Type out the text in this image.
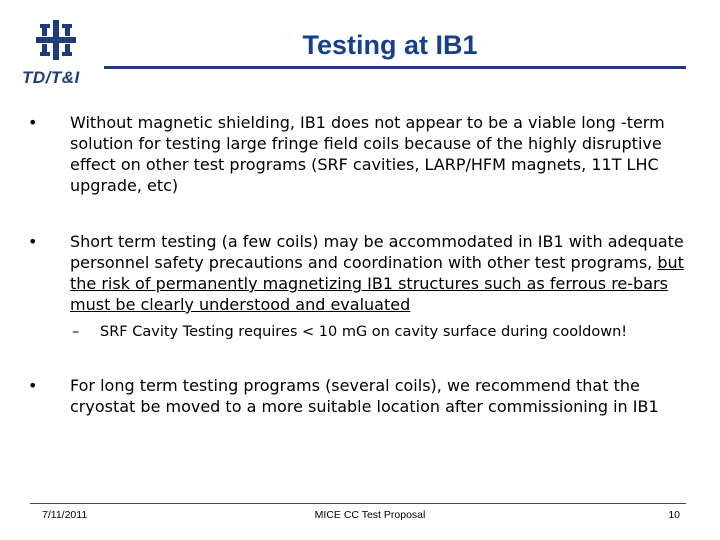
TD/T&I
Testing at IB1

•	Without magnetic shielding, IB1 does not appear to be a viable long -term solution for testing large fringe field coils because of the highly disruptive effect on other test programs (SRF cavities, LARP/HFM magnets, 11T LHC upgrade, etc)

•	Short term testing (a few coils) may be accommodated in IB1 with adequate personnel safety precautions and coordination with other test programs, but the risk of permanently magnetizing IB1 structures such as ferrous re-bars must be clearly understood and evaluated

– SRF Cavity Testing requires < 10 mG on cavity surface during cooldown!

•	For long term testing programs (several coils), we recommend that the cryostat be moved to a more suitable location after commissioning in IB1

7/11/2011	MICE CC Test Proposal	10
